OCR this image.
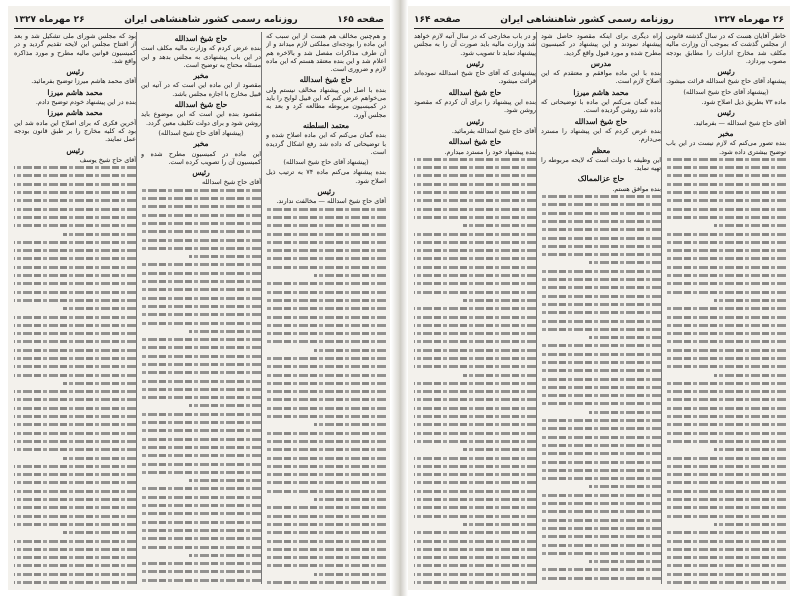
صفحه ۱۶۵
روزنامه رسمی کشور شاهنشاهی ایران
۲۶ مهرماه ۱۳۲۷

و هم‌چنین مخالف هم هست از این سبب که این ماده را بودجه‌ای مملکتی لازم میداند و از آن طرف مذاکرات مفصل شد و بالاخره هم اعلام شد و این بنده معتقد هستم که این ماده لازم و ضروری است.

حاج شیخ اسدالله

بنده با اصل این پیشنهاد مخالف نیستم ولی می‌خواهم عرض کنم که این قبیل لوایح را باید در کمیسیون مربوطه مطالعه کرد و بعد به مجلس آورد.

معتمد السلطنه

بنده گمان می‌کنم که این ماده اصلاح شده و با توضیحاتی که داده شد رفع اشکال گردیده است.

(پیشنهاد آقای حاج شیخ اسدالله)

بنده پیشنهاد می‌کنم ماده ۷۴ به ترتیب ذیل اصلاح شود.

رئیس

آقای حاج شیخ اسدالله — مخالفت ندارند.

حاج شیخ اسدالله

بنده عرض کردم که وزارت مالیه مکلف است در این باب پیشنهادی به مجلس بدهد و این مسئله محتاج به توضیح است.

مخبر

مقصود از این ماده این است که در آتیه این قبیل مخارج با اجازه مجلس باشد.

حاج شیخ اسدالله

مقصود بنده این است که این موضوع باید روشن شود و برای دولت تکلیف معین گردد.

(پیشنهاد آقای حاج شیخ اسدالله)
مخبر

این ماده در کمیسیون مطرح شده و کمیسیون آن را تصویب کرده است.

رئیس

آقای حاج شیخ اسدالله

بود که مجلس شورای ملی تشکیل شد و بعد از افتتاح مجلس این لایحه تقدیم گردید و در کمیسیون قوانین مالیه مطرح و مورد مذاکره واقع شد.

رئیس

آقای محمد هاشم میرزا توضیح بفرمائید.

محمد هاشم میرزا

بنده در این پیشنهاد خودم توضیح دادم.

محمد هاشم میرزا

آخرین فکری که برای اصلاح این ماده شد این بود که کلیه مخارج را بر طبق قانون بودجه عمل نمایند.

رئیس

آقای حاج شیخ یوسف

۲۶ مهرماه ۱۳۲۷
روزنامه رسمی کشور شاهنشاهی ایران
صفحه ۱۶۴

خاطر آقایان هست که در سال گذشته قانونی از مجلس گذشت که بموجب آن وزارت مالیه مکلف شد مخارج ادارات را مطابق بودجه مصوب بپردازد.

رئیس

پیشنهاد آقای حاج شیخ اسدالله قرائت میشود.

(پیشنهاد آقای حاج شیخ اسدالله)

ماده ۷۳ بطریق ذیل اصلاح شود.

رئیس

آقای حاج شیخ اسدالله — بفرمائید.

مخبر

بنده تصور می‌کنم که لازم نیست در این باب توضیح بیشتری داده شود.

راه دیگری برای اینکه مقصود حاصل شود پیشنهاد نمودند و این پیشنهاد در کمیسیون مطرح شده و مورد قبول واقع گردید.

مدرس

بنده با این ماده موافقم و معتقدم که این اصلاح لازم است.

محمد هاشم میرزا

بنده گمان می‌کنم این ماده با توضیحاتی که داده شد روشن گردیده است.

حاج شیخ اسدالله

بنده عرض کردم که این پیشنهاد را مسترد می‌دارم.

معظم

این وظیفه با دولت است که لایحه مربوطه را تهیه نماید.

حاج عزالممالک

بنده موافق هستم.

و در باب مخارجی که در سال آتیه لازم خواهد شد وزارت مالیه باید صورت آن را به مجلس پیشنهاد نماید تا تصویب شود.

رئیس

پیشنهادی که آقای حاج شیخ اسدالله نموده‌اند قرائت میشود.

حاج شیخ اسدالله

بنده این پیشنهاد را برای آن کردم که مقصود روشن شود.

رئیس

آقای حاج شیخ اسدالله بفرمائید.

حاج شیخ اسدالله

بنده پیشنهاد خود را مسترد میدارم.
